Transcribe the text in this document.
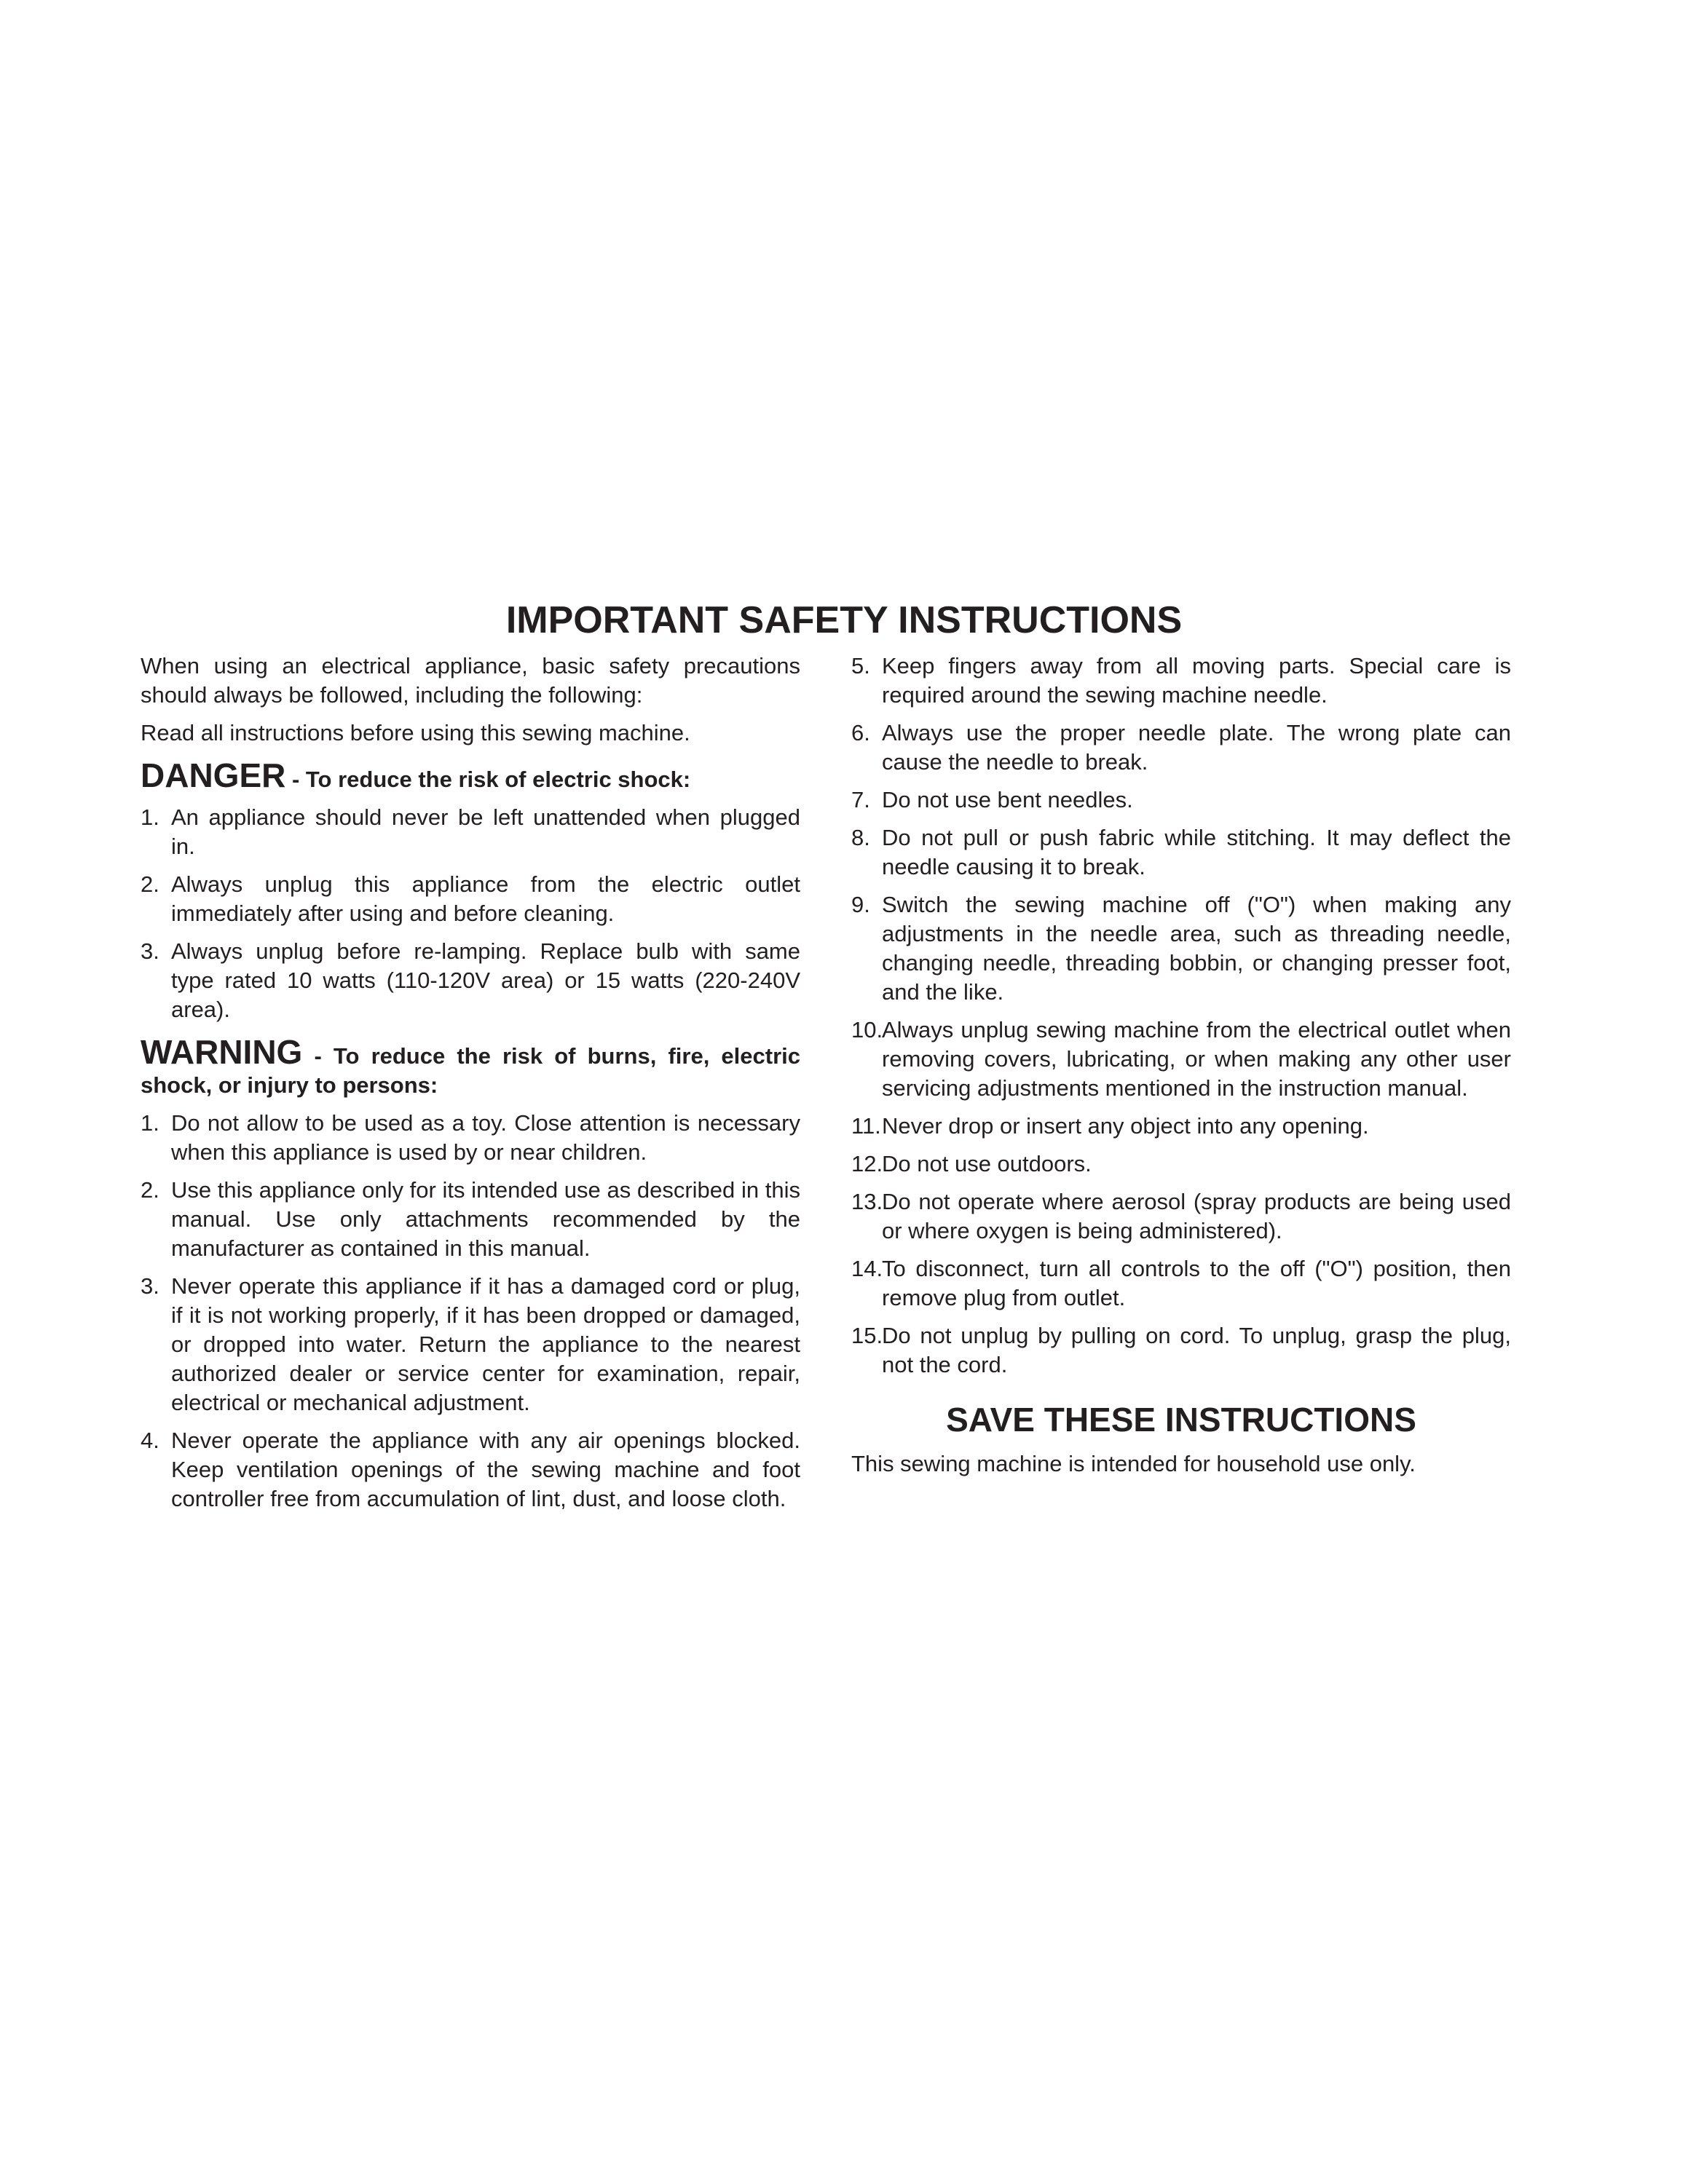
IMPORTANT SAFETY INSTRUCTIONS

When using an electrical appliance, basic safety precautions should always be followed, including the following:

Read all instructions before using this sewing machine.

DANGER - To reduce the risk of electric shock:
1. An appliance should never be left unattended when plugged in.
2. Always unplug this appliance from the electric outlet immediately after using and before cleaning.
3. Always unplug before re-lamping. Replace bulb with same type rated 10 watts (110-120V area) or 15 watts (220-240V area).
WARNING - To reduce the risk of burns, fire, electric shock, or injury to persons:
1. Do not allow to be used as a toy. Close attention is necessary when this appliance is used by or near children.
2. Use this appliance only for its intended use as described in this manual. Use only attachments recommended by the manufacturer as contained in this manual.
3. Never operate this appliance if it has a damaged cord or plug, if it is not working properly, if it has been dropped or damaged, or dropped into water. Return the appliance to the nearest authorized dealer or service center for examination, repair, electrical or mechanical adjustment.
4. Never operate the appliance with any air openings blocked. Keep ventilation openings of the sewing machine and foot controller free from accumulation of lint, dust, and loose cloth.
5. Keep fingers away from all moving parts. Special care is required around the sewing machine needle.
6. Always use the proper needle plate. The wrong plate can cause the needle to break.
7. Do not use bent needles.
8. Do not pull or push fabric while stitching. It may deflect the needle causing it to break.
9. Switch the sewing machine off ("O") when making any adjustments in the needle area, such as threading needle, changing needle, threading bobbin, or changing presser foot, and the like.
10.
Always unplug sewing machine from the electrical outlet when removing covers, lubricating, or when making any other user servicing adjustments mentioned in the instruction manual.
11. Never drop or insert any object into any opening.
12.
Do not use outdoors.
13.
Do not operate where aerosol (spray products are being used or where oxygen is being administered).
14.
To disconnect, turn all controls to the off ("O") position, then remove plug from outlet.
15.
Do not unplug by pulling on cord. To unplug, grasp the plug, not the cord.
SAVE THESE INSTRUCTIONS

This sewing machine is intended for household use only.
